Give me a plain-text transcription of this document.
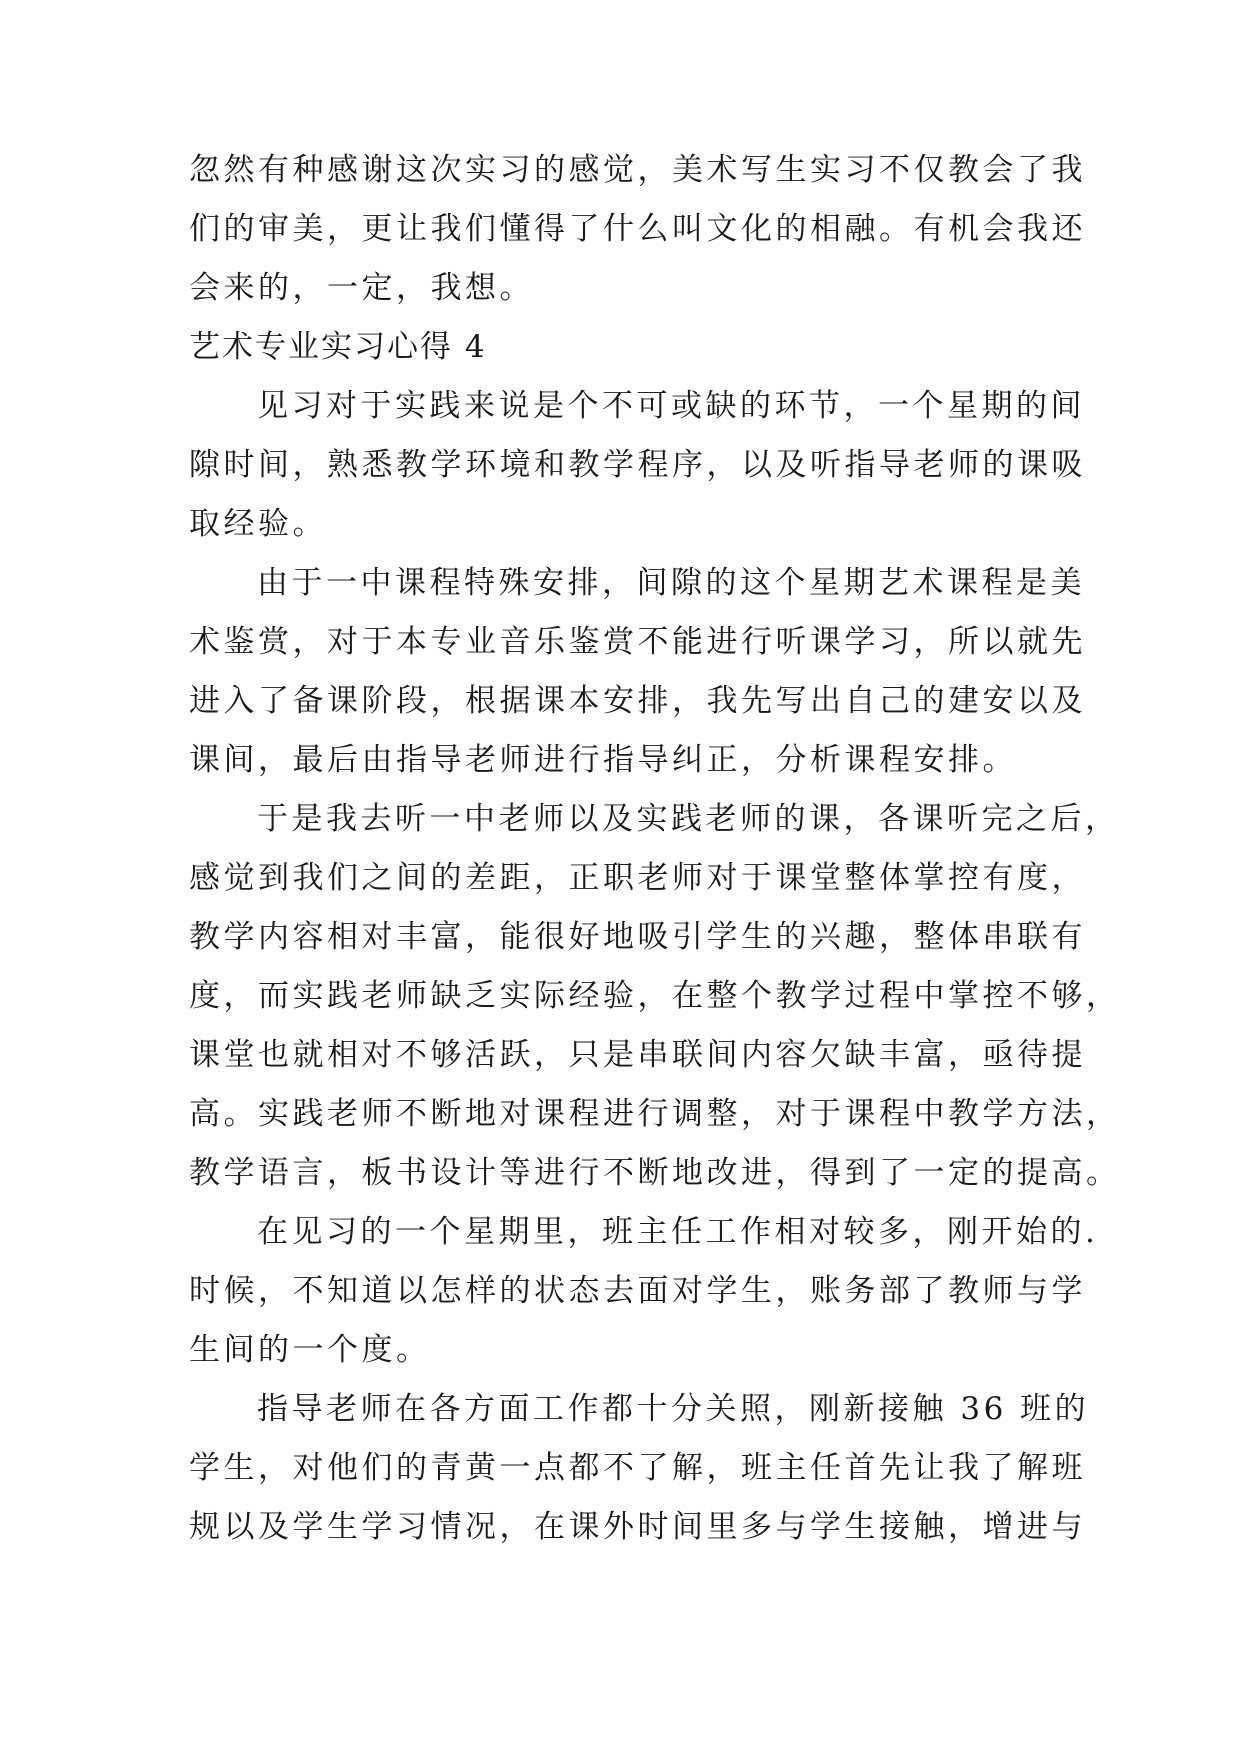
忽然有种感谢这次实习的感觉，美术写生实习不仅教会了我
们的审美，更让我们懂得了什么叫文化的相融。有机会我还
会来的，一定，我想。
艺术专业实习心得 4
见习对于实践来说是个不可或缺的环节，一个星期的间
隙时间，熟悉教学环境和教学程序，以及听指导老师的课吸
取经验。
由于一中课程特殊安排，间隙的这个星期艺术课程是美
术鉴赏，对于本专业音乐鉴赏不能进行听课学习，所以就先
进入了备课阶段，根据课本安排，我先写出自己的建安以及
课间，最后由指导老师进行指导纠正，分析课程安排。
于是我去听一中老师以及实践老师的课，各课听完之后，
感觉到我们之间的差距，正职老师对于课堂整体掌控有度，
教学内容相对丰富，能很好地吸引学生的兴趣，整体串联有
度，而实践老师缺乏实际经验，在整个教学过程中掌控不够，
课堂也就相对不够活跃，只是串联间内容欠缺丰富，亟待提
高。实践老师不断地对课程进行调整，对于课程中教学方法，
教学语言，板书设计等进行不断地改进，得到了一定的提高。
在见习的一个星期里，班主任工作相对较多，刚开始的.
时候，不知道以怎样的状态去面对学生，账务部了教师与学
生间的一个度。
指导老师在各方面工作都十分关照，刚新接触 36 班的
学生，对他们的青黄一点都不了解，班主任首先让我了解班
规以及学生学习情况，在课外时间里多与学生接触，增进与
